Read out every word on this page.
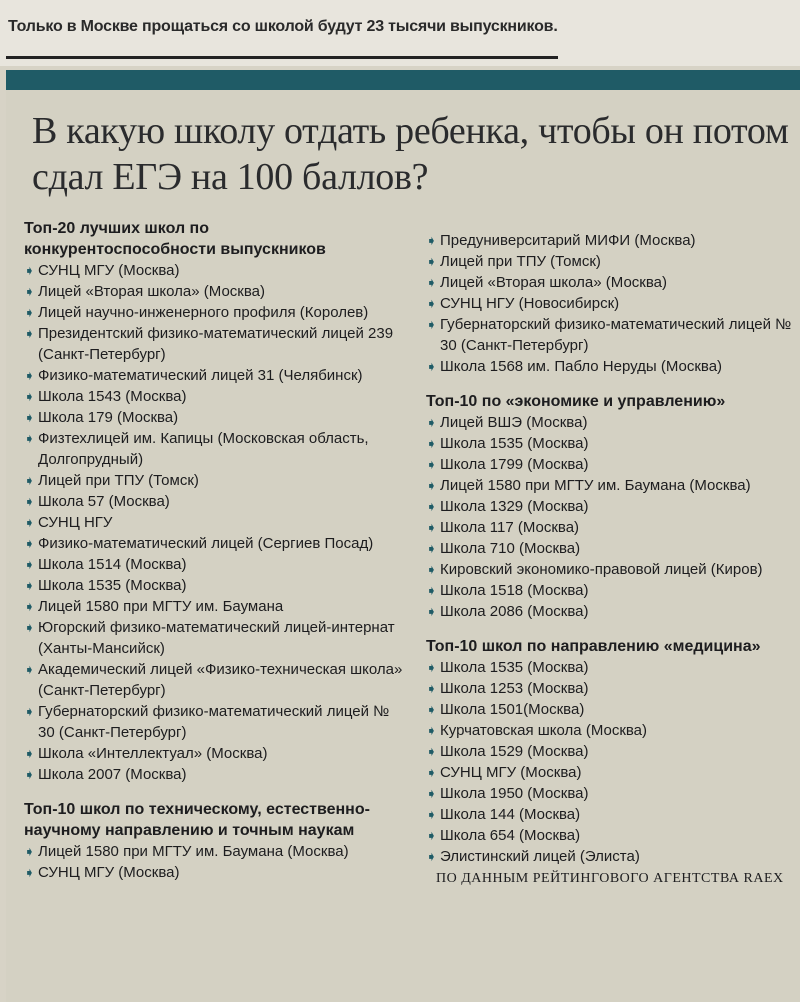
Только в Москве прощаться со школой будут 23 тысячи выпускников.
В какую школу отдать ребенка, чтобы он потом сдал ЕГЭ на 100 баллов?

Топ-20 лучших школ по конкурентоспособности выпускников

➧ СУНЦ МГУ (Москва)
➧ Лицей «Вторая школа» (Москва)
➧ Лицей научно-инженерного профиля (Королев)
➧ Президентский физико-математический лицей 239 (Санкт-Петербург)
➧ Физико-математический лицей 31 (Челябинск)
➧ Школа 1543 (Москва)
➧ Школа 179 (Москва)
➧ Физтехлицей им. Капицы (Московская область, Долгопрудный)
➧ Лицей при ТПУ (Томск)
➧ Школа 57 (Москва)
➧ СУНЦ НГУ
➧ Физико-математический лицей (Сергиев Посад)
➧ Школа 1514 (Москва)
➧ Школа 1535 (Москва)
➧ Лицей 1580 при МГТУ им. Баумана
➧ Югорский физико-математический лицей-интернат (Ханты-Мансийск)
➧ Академический лицей «Физико-техническая школа» (Санкт-Петербург)
➧ Губернаторский физико-математический лицей № 30 (Санкт-Петербург)
➧ Школа «Интеллектуал» (Москва)
➧ Школа 2007 (Москва)

Топ-10 школ по техническому, естественно-научному направлению и точным наукам

➧ Лицей 1580 при МГТУ им. Баумана (Москва)
➧ СУНЦ МГУ (Москва)
➧ Предуниверситарий МИФИ (Москва)
➧ Лицей при ТПУ (Томск)
➧ Лицей «Вторая школа» (Москва)
➧ СУНЦ НГУ (Новосибирск)
➧ Губернаторский физико-математический лицей № 30 (Санкт-Петербург)
➧ Школа 1568 им. Пабло Неруды (Москва)

Топ-10 по «экономике и управлению»

➧ Лицей ВШЭ (Москва)
➧ Школа 1535 (Москва)
➧ Школа 1799 (Москва)
➧ Лицей 1580 при МГТУ им. Баумана (Москва)
➧ Школа 1329 (Москва)
➧ Школа 117 (Москва)
➧ Школа 710 (Москва)
➧ Кировский экономико-правовой лицей (Киров)
➧ Школа 1518 (Москва)
➧ Школа 2086 (Москва)

Топ-10 школ по направлению «медицина»

➧ Школа 1535 (Москва)
➧ Школа 1253 (Москва)
➧ Школа 1501(Москва)
➧ Курчатовская школа (Москва)
➧ Школа 1529 (Москва)
➧ СУНЦ МГУ (Москва)
➧ Школа 1950 (Москва)
➧ Школа 144 (Москва)
➧ Школа 654 (Москва)
➧ Элистинский лицей (Элиста)
ПО ДАННЫМ РЕЙТИНГОВОГО АГЕНТСТВА RAEX
